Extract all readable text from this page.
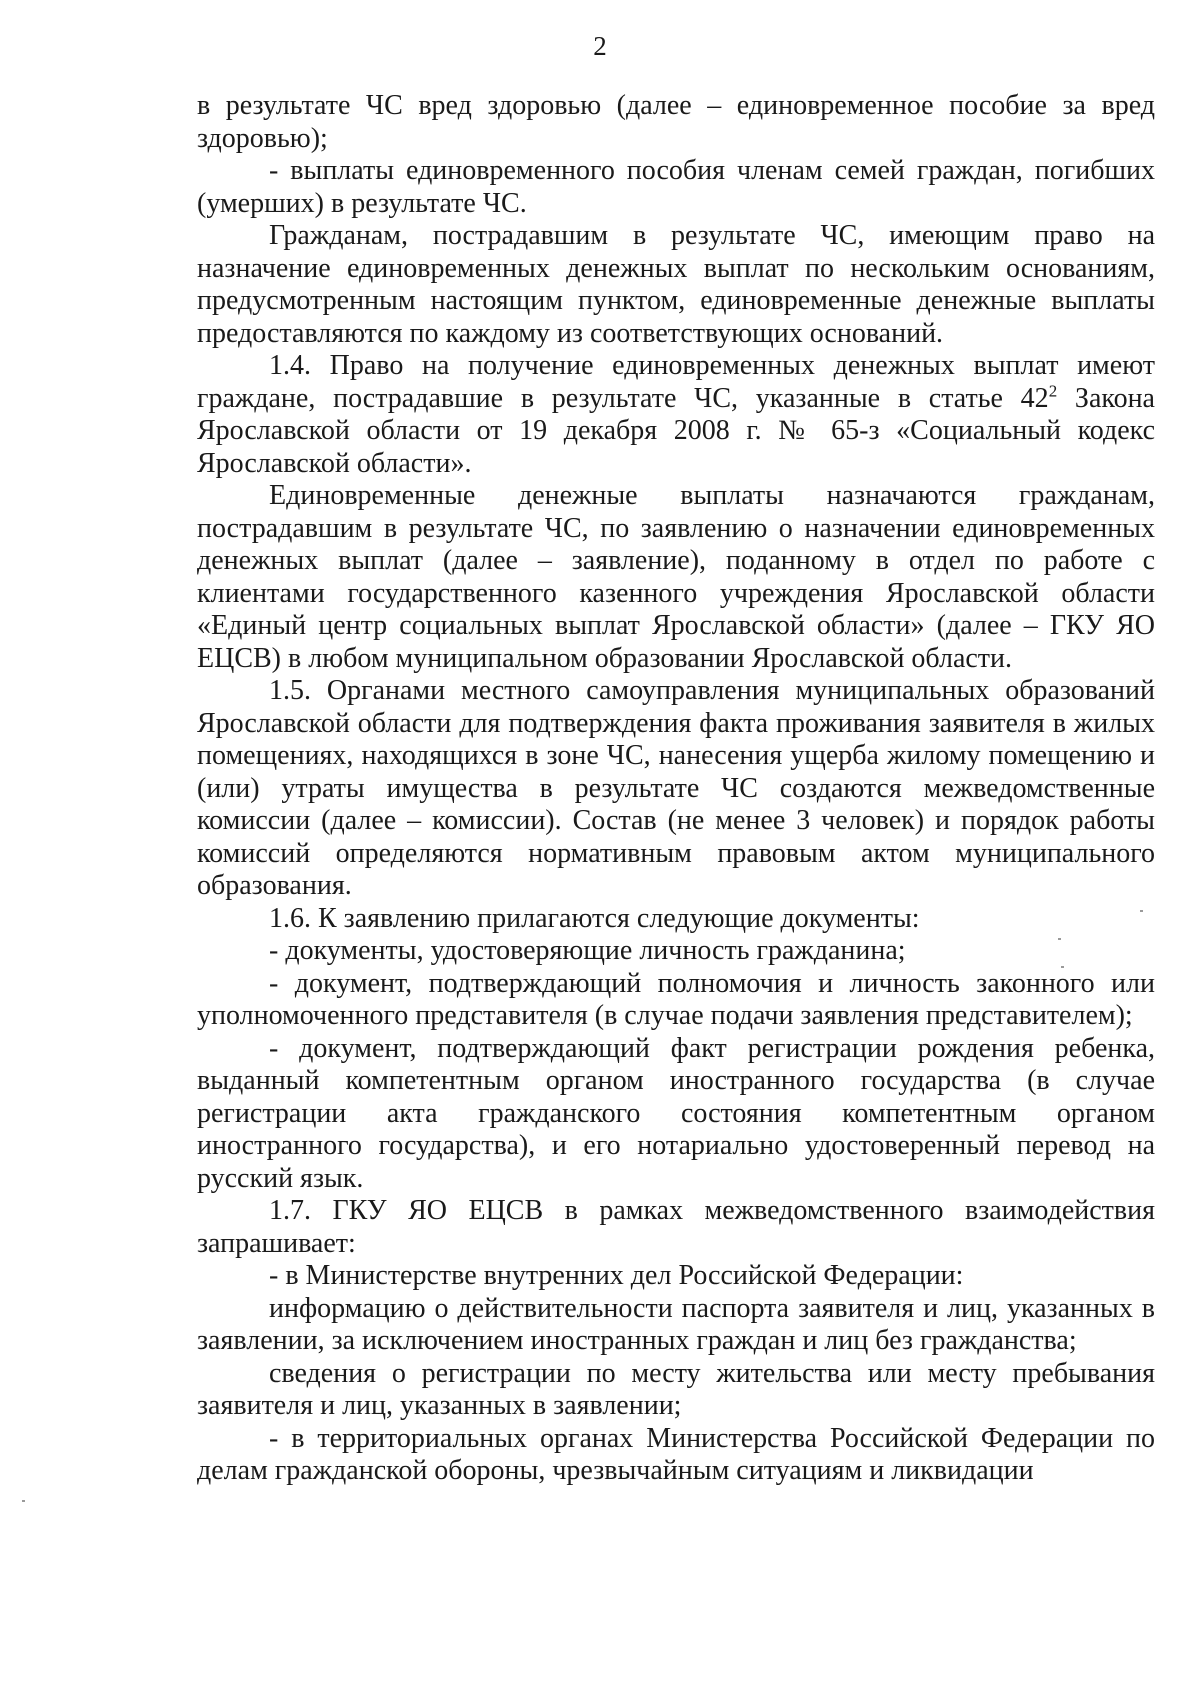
2

в результате ЧС вред здоровью (далее – единовременное пособие за вред здоровью);

- выплаты единовременного пособия членам семей граждан, погибших (умерших) в результате ЧС.

Гражданам, пострадавшим в результате ЧС, имеющим право на назначение единовременных денежных выплат по нескольким основаниям, предусмотренным настоящим пунктом, единовременные денежные выплаты предоставляются по каждому из соответствующих оснований.

1.4. Право на получение единовременных денежных выплат имеют граждане, пострадавшие в результате ЧС, указанные в статье $42^2$ Закона Ярославской области от 19 декабря 2008 г. № 65-з «Социальный кодекс Ярославской области».

Единовременные денежные выплаты назначаются гражданам, пострадавшим в результате ЧС, по заявлению о назначении единовременных денежных выплат (далее – заявление), поданному в отдел по работе с клиентами государственного казенного учреждения Ярославской области «Единый центр социальных выплат Ярославской области» (далее – ГКУ ЯО ЕЦСВ) в любом муниципальном образовании Ярославской области.

1.5. Органами местного самоуправления муниципальных образований Ярославской области для подтверждения факта проживания заявителя в жилых помещениях, находящихся в зоне ЧС, нанесения ущерба жилому помещению и (или) утраты имущества в результате ЧС создаются межведомственные комиссии (далее – комиссии). Состав (не менее 3 человек) и порядок работы комиссий определяются нормативным правовым актом муниципального образования.

1.6. К заявлению прилагаются следующие документы:

- документы, удостоверяющие личность гражданина;

- документ, подтверждающий полномочия и личность законного или уполномоченного представителя (в случае подачи заявления представителем);

- документ, подтверждающий факт регистрации рождения ребенка, выданный компетентным органом иностранного государства (в случае регистрации акта гражданского состояния компетентным органом иностранного государства), и его нотариально удостоверенный перевод на русский язык.

1.7. ГКУ ЯО ЕЦСВ в рамках межведомственного взаимодействия запрашивает:

- в Министерстве внутренних дел Российской Федерации:

информацию о действительности паспорта заявителя и лиц, указанных в заявлении, за исключением иностранных граждан и лиц без гражданства;

сведения о регистрации по месту жительства или месту пребывания заявителя и лиц, указанных в заявлении;

- в территориальных органах Министерства Российской Федерации по делам гражданской обороны, чрезвычайным ситуациям и ликвидации
